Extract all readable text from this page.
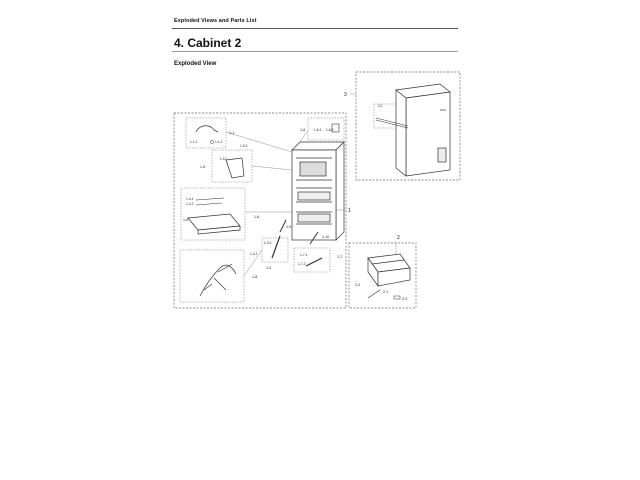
Exploded Views and Parts List
4. Cabinet 2
Exploded View
1
2
3
1-1
1-1-1	1-1-2
1-6	1-6-1 1-6-2
1-5
1-5-1
1-5-2
1-4
1-4-1
1-4-2
1-6
1-9
1-10
1-3-2
1-3-1
1-3
1-7-1
1-7-2
1-7
1-8
3-1
2-2
2-1
2-3
